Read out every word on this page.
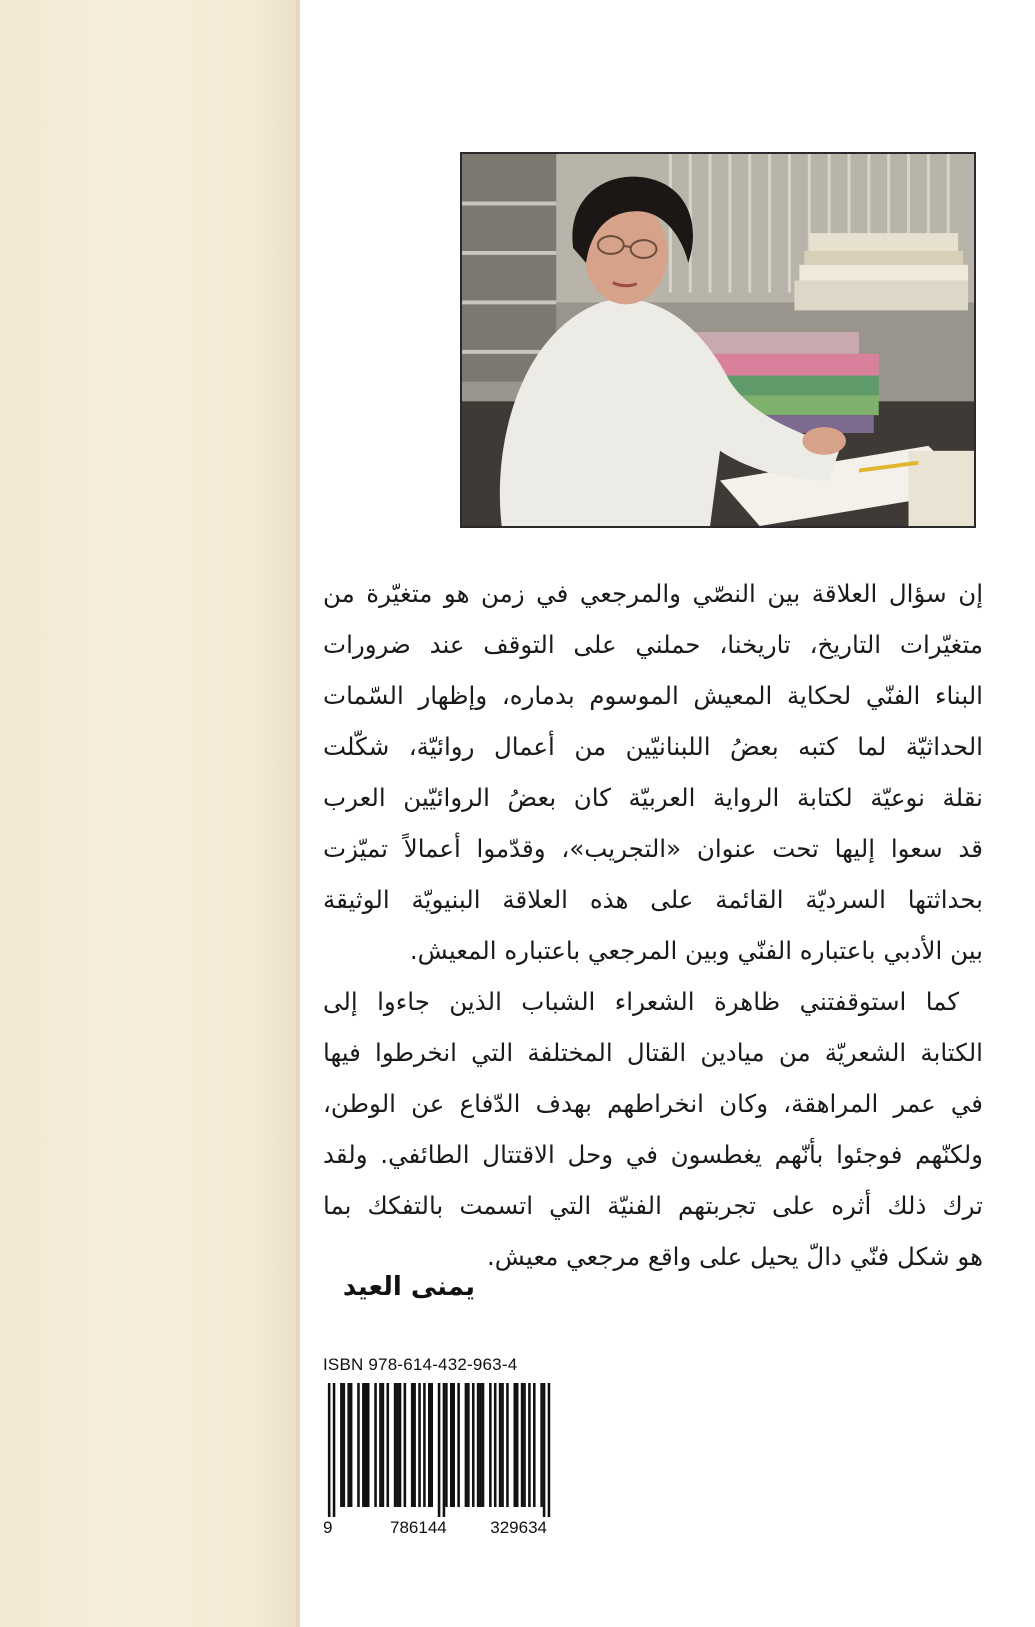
إن سؤال العلاقة بين النصّي والمرجعي في زمن هو متغيّرة من
متغيّرات التاريخ، تاريخنا، حملني على التوقف عند ضرورات
البناء الفنّي لحكاية المعيش الموسوم بدماره، وإظهار السّمات
الحداثيّة لما كتبه بعضُ اللبنانيّين من أعمال روائيّة، شكّلت
نقلة نوعيّة لكتابة الرواية العربيّة كان بعضُ الروائيّين العرب
قد سعوا إليها تحت عنوان «التجريب»، وقدّموا أعمالاً تميّزت
بحداثتها السرديّة القائمة على هذه العلاقة البنيويّة الوثيقة
بين الأدبي باعتباره الفنّي وبين المرجعي باعتباره المعيش.
كما استوقفتني ظاهرة الشعراء الشباب الذين جاءوا إلى
الكتابة الشعريّة من ميادين القتال المختلفة التي انخرطوا فيها
في عمر المراهقة، وكان انخراطهم بهدف الدّفاع عن الوطن،
ولكنّهم فوجئوا بأنّهم يغطسون في وحل الاقتتال الطائفي. ولقد
ترك ذلك أثره على تجربتهم الفنيّة التي اتسمت بالتفكك بما
هو شكل فنّي دالّ يحيل على واقع مرجعي معيش.
يمنى العيد
ISBN 978-614-432-963-4
9	786144	329634
